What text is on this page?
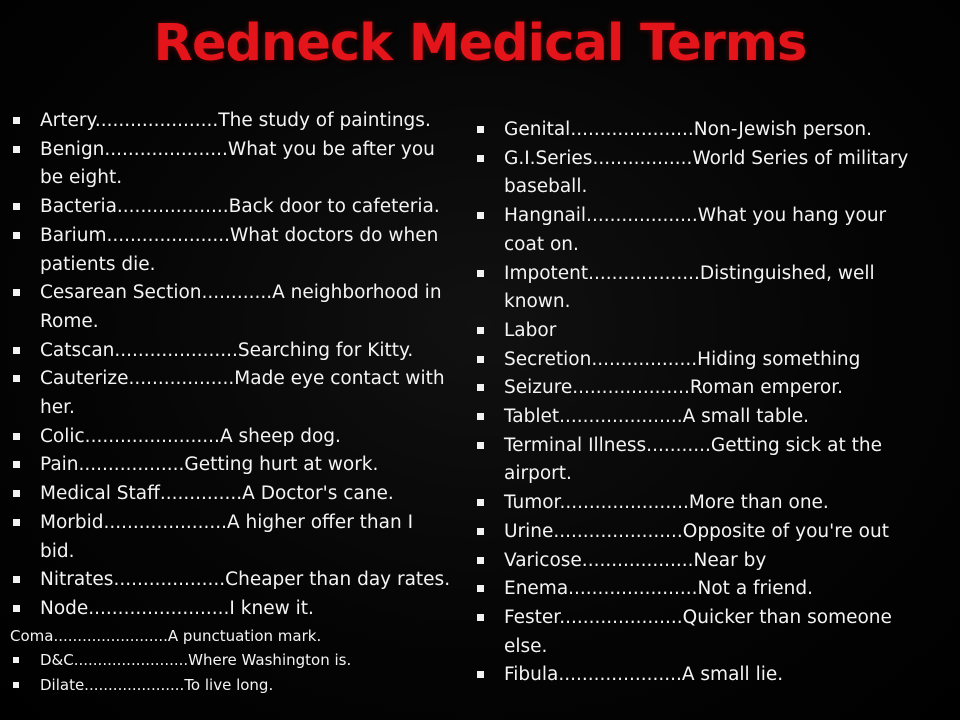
Redneck Medical Terms
Artery.....................The study of paintings.
Benign.....................What you be after you
be eight.
Bacteria...................Back door to cafeteria.
Barium.....................What doctors do when
patients die.
Cesarean Section............A neighborhood in
Rome.
Catscan.....................Searching for Kitty.
Cauterize..................Made eye contact with
her.
Colic.......................A sheep dog.
Pain..................Getting hurt at work.
Medical Staff..............A Doctor's cane.
Morbid.....................A higher offer than I
bid.
Nitrates...................Cheaper than day rates.
Node........................I knew it.
Coma........................A punctuation mark.
D&C........................Where Washington is.
Dilate.....................To live long.
Genital.....................Non-Jewish person.
G.I.Series.................World Series of military
baseball.
Hangnail...................What you hang your
coat on.
Impotent...................Distinguished, well
known.
Labor
Secretion..................Hiding something
Seizure....................Roman emperor.
Tablet.....................A small table.
Terminal Illness...........Getting sick at the
airport.
Tumor......................More than one.
Urine......................Opposite of you're out
Varicose...................Near by
Enema......................Not a friend.
Fester.....................Quicker than someone
else.
Fibula.....................A small lie.
